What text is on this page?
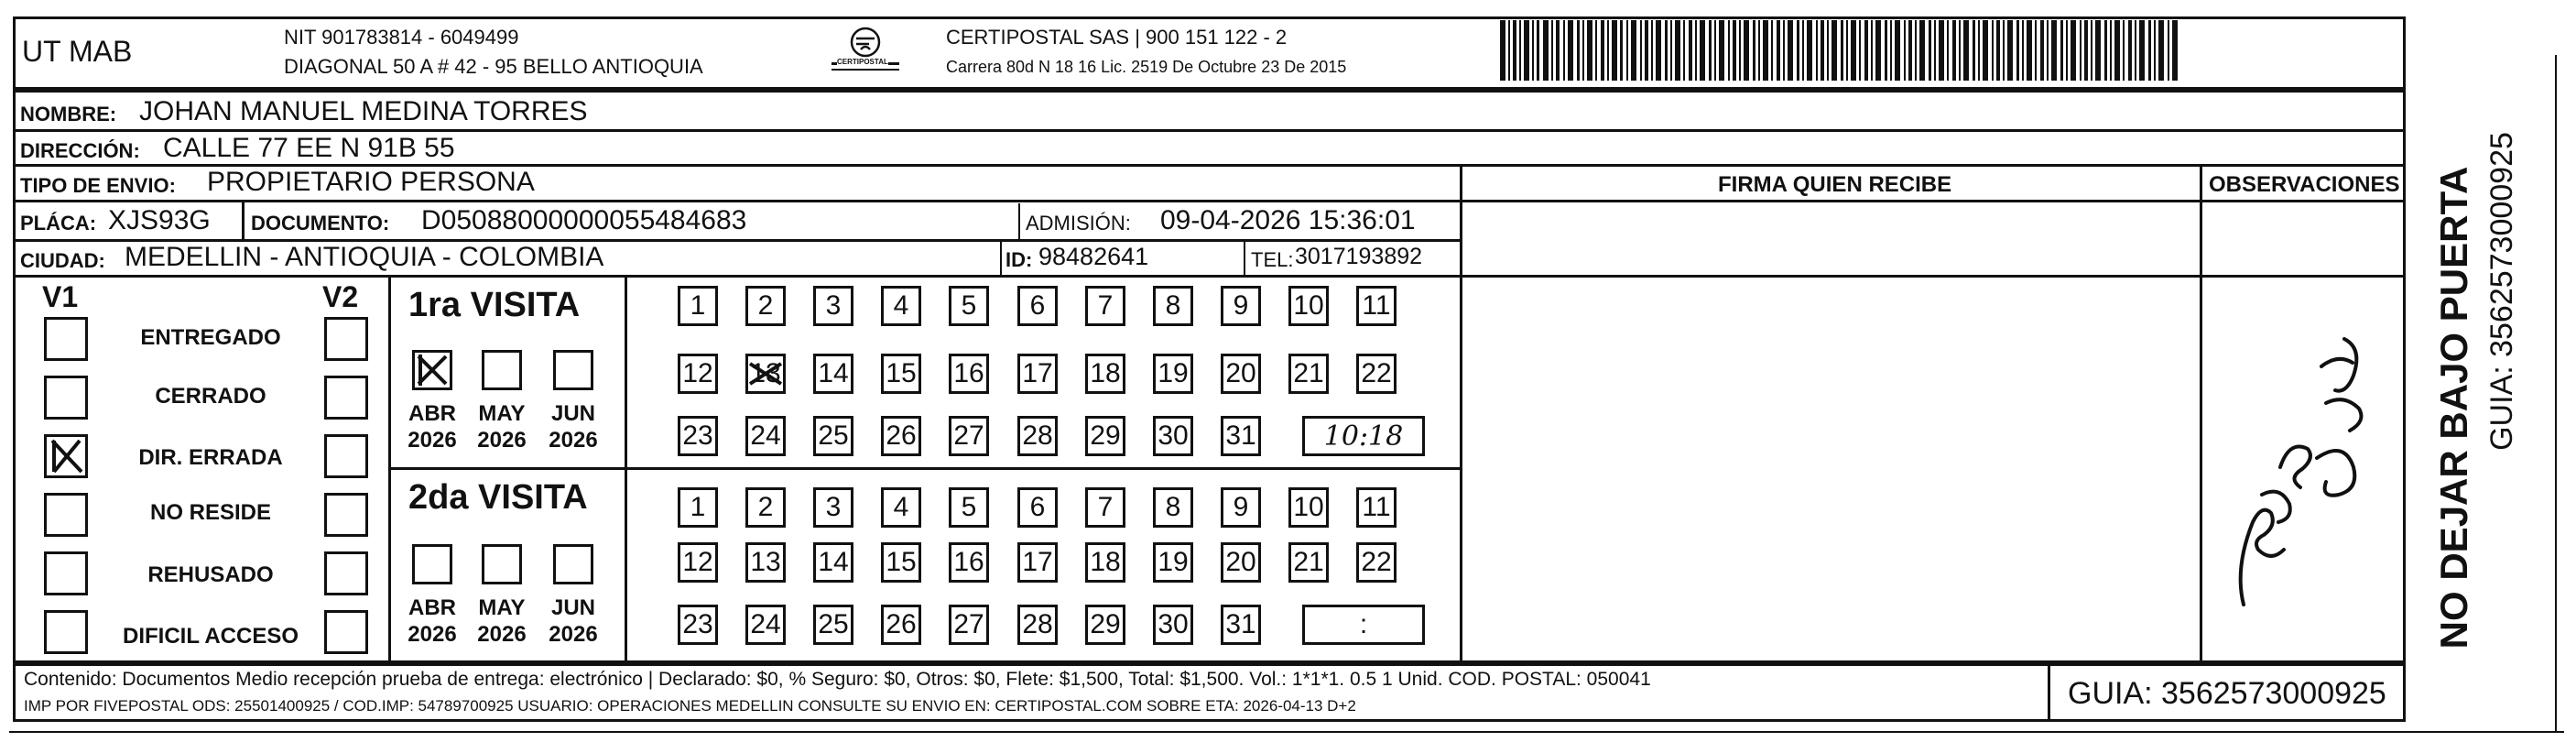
UT MAB	NIT 901783814 - 6049499
DIAGONAL 50 A # 42 - 95 BELLO ANTIOQUIA	CERTIPOSTAL
CERTIPOSTAL SAS | 900 151 122 - 2
Carrera 80d N 18 16 Lic. 2519 De Octubre 23 De 2015
NOMBRE: JOHAN MANUEL MEDINA TORRES
DIRECCIÓN: CALLE 77 EE N 91B 55
TIPO DE ENVIO: PROPIETARIO PERSONA
PLÁCA: XJS93G DOCUMENTO: D05088000000055484683	ADMISIÓN: 09-04-2026 15:36:01
CIUDAD: MEDELLIN - ANTIOQUIA - COLOMBIA	ID: 98482641	TEL: 3017193892
FIRMA QUIEN RECIBE	OBSERVACIONES NO DEJAR BAJO PUERTA GUIA: 3562573000925
V1	V2
ENTREGADO
CERRADO
DIR. ERRADA
NO RESIDE
REHUSADO
DIFICIL ACCESO
1ra VISITA
ABR
2026
MAY
2026
JUN
2026
1	2	3	4	5	6	7	8	9	10 11
12 13 14 15 16 17 18 19 20 21 22
23 24 25 26 27 28 29 30 31	10:18
2da VISITA
ABR
2026
MAY
2026
JUN
2026
1	2	3	4	5	6	7	8	9	10 11
12 13 14 15 16 17 18 19 20 21 22
23 24 25 26 27 28 29 30 31	:
Contenido: Documentos Medio recepción prueba de entrega: electrónico | Declarado: $0, % Seguro: $0, Otros: $0, Flete: $1,500, Total: $1,500. Vol.: 1*1*1. 0.5 1 Unid. COD. POSTAL: 050041
IMP POR FIVEPOSTAL ODS: 25501400925 / COD.IMP: 54789700925 USUARIO: OPERACIONES MEDELLIN CONSULTE SU ENVIO EN: CERTIPOSTAL.COM SOBRE ETA: 2026-04-13 D+2	GUIA: 3562573000925
